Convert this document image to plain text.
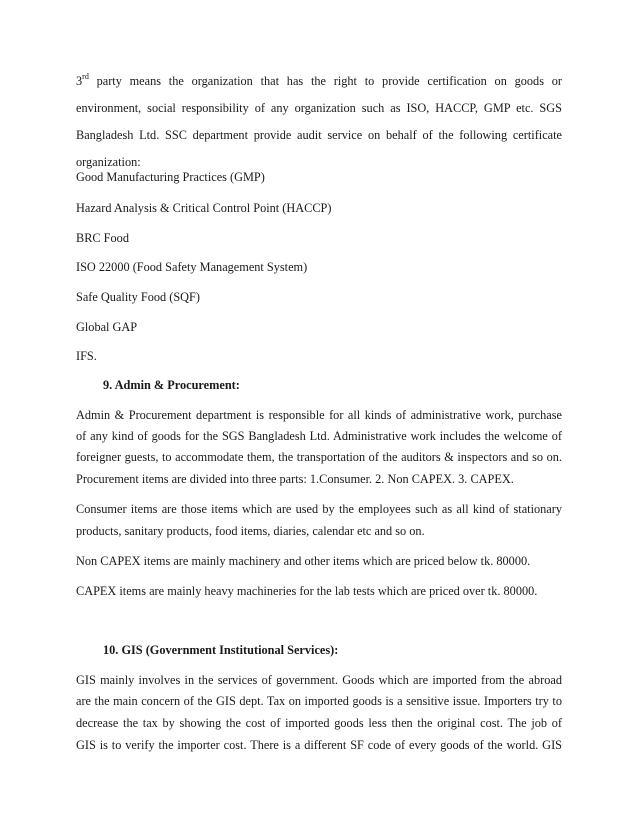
3rd party means the organization that has the right to provide certification on goods or
environment, social responsibility of any organization such as ISO, HACCP, GMP etc. SGS
Bangladesh Ltd. SSC department provide audit service on behalf of the following certificate
organization:
Good Manufacturing Practices (GMP)
Hazard Analysis & Critical Control Point (HACCP)
BRC Food
ISO 22000 (Food Safety Management System)
Safe Quality Food (SQF)
Global GAP
IFS.
9. Admin & Procurement:
Admin & Procurement department is responsible for all kinds of administrative work, purchase
of any kind of goods for the SGS Bangladesh Ltd. Administrative work includes the welcome of
foreigner guests, to accommodate them, the transportation of the auditors & inspectors and so on.
Procurement items are divided into three parts: 1.Consumer. 2. Non CAPEX. 3. CAPEX.
Consumer items are those items which are used by the employees such as all kind of stationary
products, sanitary products, food items, diaries, calendar etc and so on.
Non CAPEX items are mainly machinery and other items which are priced below tk. 80000.
CAPEX items are mainly heavy machineries for the lab tests which are priced over tk. 80000.
10. GIS (Government Institutional Services):
GIS mainly involves in the services of government. Goods which are imported from the abroad
are the main concern of the GIS dept. Tax on imported goods is a sensitive issue. Importers try to
decrease the tax by showing the cost of imported goods less then the original cost. The job of
GIS is to verify the importer cost. There is a different SF code of every goods of the world. GIS
